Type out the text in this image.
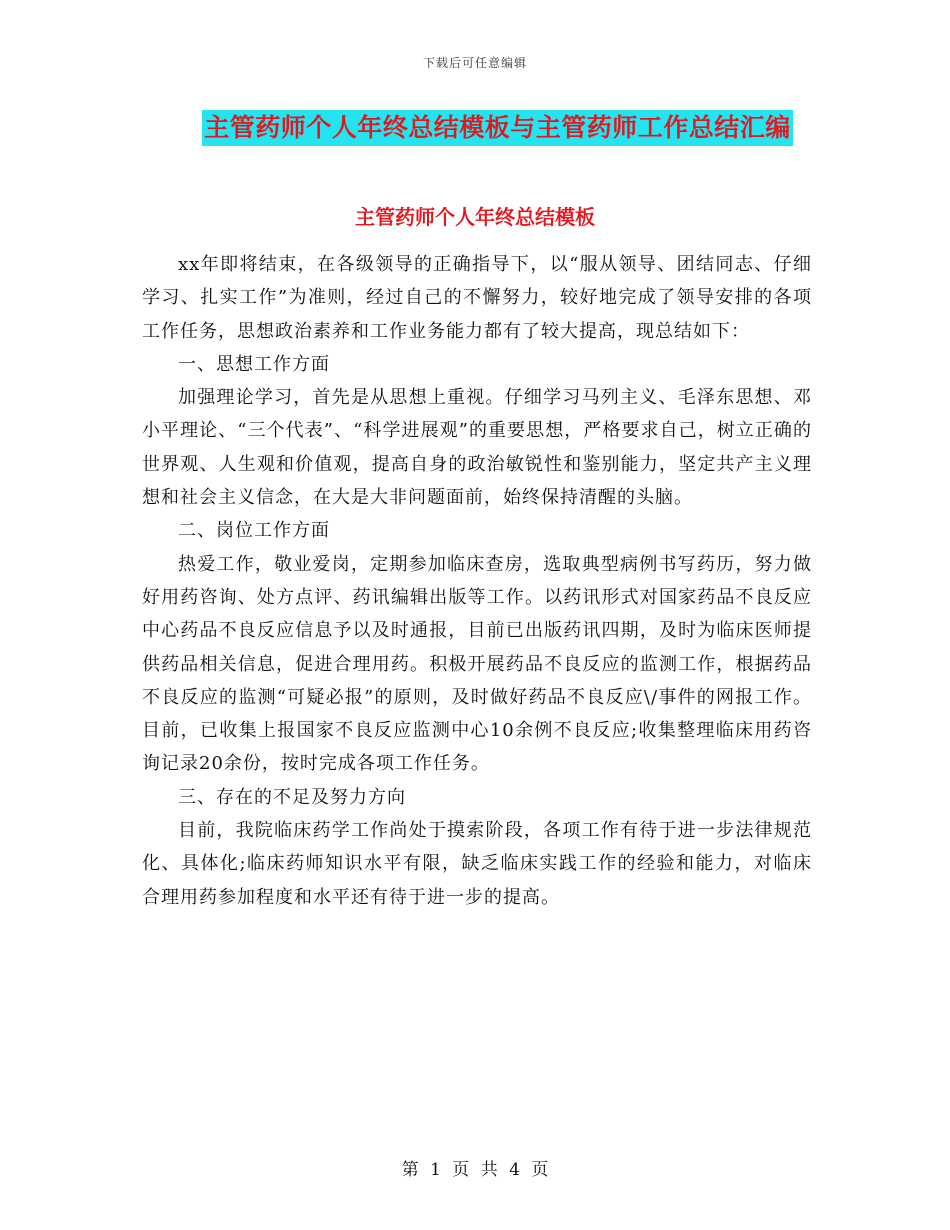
下载后可任意编辑
主管药师个人年终总结模板与主管药师工作总结汇编
主管药师个人年终总结模板

xx年即将结束，在各级领导的正确指导下，以“服从领导、团结同志、仔细学习、扎实工作”为准则，经过自己的不懈努力，较好地完成了领导安排的各项工作任务，思想政治素养和工作业务能力都有了较大提高，现总结如下：

一、思想工作方面

加强理论学习，首先是从思想上重视。仔细学习马列主义、毛泽东思想、邓小平理论、“三个代表”、“科学进展观”的重要思想，严格要求自己，树立正确的世界观、人生观和价值观，提高自身的政治敏锐性和鉴别能力，坚定共产主义理想和社会主义信念，在大是大非问题面前，始终保持清醒的头脑。

二、岗位工作方面

热爱工作，敬业爱岗，定期参加临床查房，选取典型病例书写药历，努力做好用药咨询、处方点评、药讯编辑出版等工作。以药讯形式对国家药品不良反应中心药品不良反应信息予以及时通报，目前已出版药讯四期，及时为临床医师提供药品相关信息，促进合理用药。积极开展药品不良反应的监测工作，根据药品不良反应的监测“可疑必报”的原则，及时做好药品不良反应\/事件的网报工作。目前，已收集上报国家不良反应监测中心10余例不良反应;收集整理临床用药咨询记录20余份，按时完成各项工作任务。

三、存在的不足及努力方向

目前，我院临床药学工作尚处于摸索阶段，各项工作有待于进一步法律规范化、具体化;临床药师知识水平有限，缺乏临床实践工作的经验和能力，对临床合理用药参加程度和水平还有待于进一步的提高。

第 1 页 共 4 页
